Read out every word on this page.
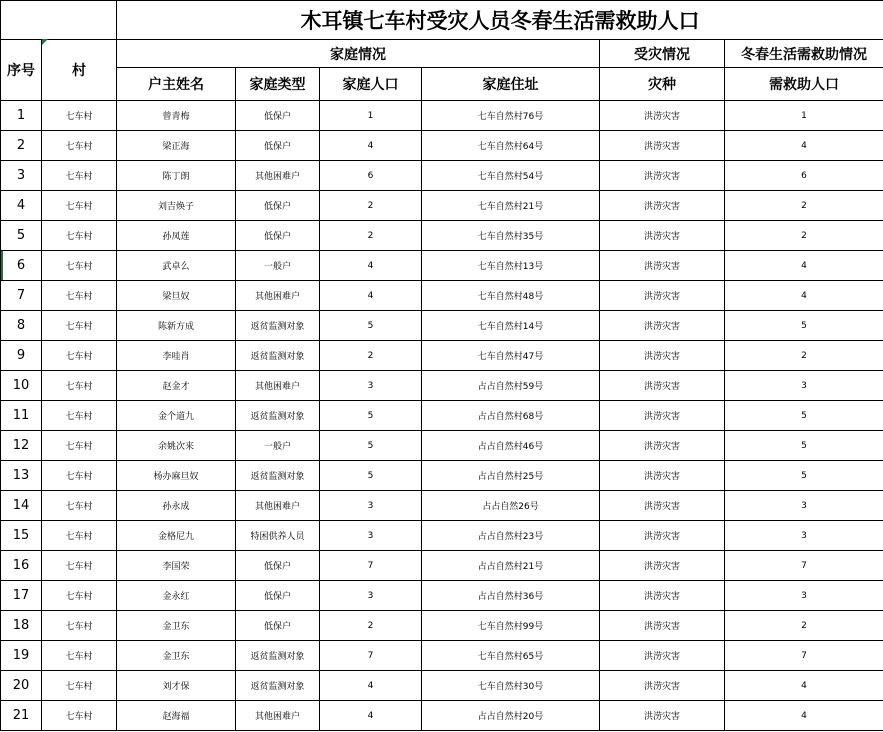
		木耳镇七车村受灾人员冬春生活需救助人口					
序号	村	家庭情况				受灾情况	冬春生活需救助情况
		户主姓名	家庭类型	家庭人口	家庭住址	灾种	需救助人口
1	七车村	曾青梅	低保户	1	七车自然村76号	洪涝灾害	1
2	七车村	梁正海	低保户	4	七车自然村64号	洪涝灾害	4
3	七车村	陈丁朗	其他困难户	6	七车自然村54号	洪涝灾害	6
4	七车村	刘吉焕子	低保户	2	七车自然村21号	洪涝灾害	2
5	七车村	孙凤莲	低保户	2	七车自然村35号	洪涝灾害	2
6	七车村	武卓么	一般户	4	七车自然村13号	洪涝灾害	4
7	七车村	梁旦奴	其他困难户	4	七车自然村48号	洪涝灾害	4
8	七车村	陈新方成	返贫监测对象	5	七车自然村14号	洪涝灾害	5
9	七车村	李哇肖	返贫监测对象	2	七车自然村47号	洪涝灾害	2
10	七车村	赵金才	其他困难户	3	占占自然村59号	洪涝灾害	3
11	七车村	金个道九	返贫监测对象	5	占占自然村68号	洪涝灾害	5
12	七车村	余姚次来	一般户	5	占占自然村46号	洪涝灾害	5
13	七车村	杨办麻旦奴	返贫监测对象	5	占占自然村25号	洪涝灾害	5
14	七车村	孙永成	其他困难户	3	占占自然26号	洪涝灾害	3
15	七车村	金格尼九	特困供养人员	3	占占自然村23号	洪涝灾害	3
16	七车村	李国荣	低保户	7	占占自然村21号	洪涝灾害	7
17	七车村	金永红	低保户	3	占占自然村36号	洪涝灾害	3
18	七车村	金卫东	低保户	2	七车自然村99号	洪涝灾害	2
19	七车村	金卫东	返贫监测对象	7	七车自然村65号	洪涝灾害	7
20	七车村	刘才保	返贫监测对象	4	七车自然村30号	洪涝灾害	4
21	七车村	赵海福	其他困难户	4	占占自然村20号	洪涝灾害	4
